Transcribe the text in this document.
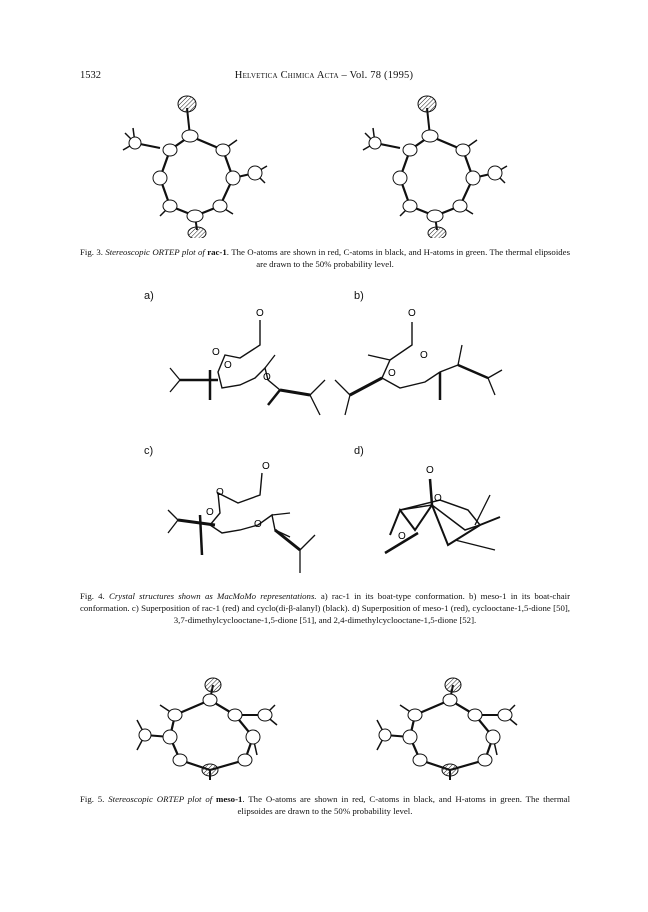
1532	Helvetica Chimica Acta – Vol. 78 (1995)
Fig. 3. Stereoscopic ORTEP plot of rac-1. The O-atoms are shown in red, C-atoms in black, and H-atoms in green. The thermal elipsoides are drawn to the 50% probability level.
a)	b)
c)	d)
O
O
O
O
O
O
O
O
O
O
O
O
O
O
Fig. 4. Crystal structures shown as MacMoMo representations. a) rac-1 in its boat-type conformation. b) meso-1 in its boat-chair conformation. c) Superposition of rac-1 (red) and cyclo(di-β-alanyl) (black). d) Superposition of meso-1 (red), cyclooctane-1,5-dione [50], 3,7-dimethylcyclooctane-1,5-dione [51], and 2,4-dimethylcyclooctane-1,5-dione [52].
Fig. 5. Stereoscopic ORTEP plot of meso-1. The O-atoms are shown in red, C-atoms in black, and H-atoms in green. The thermal elipsoides are drawn to the 50% probability level.
